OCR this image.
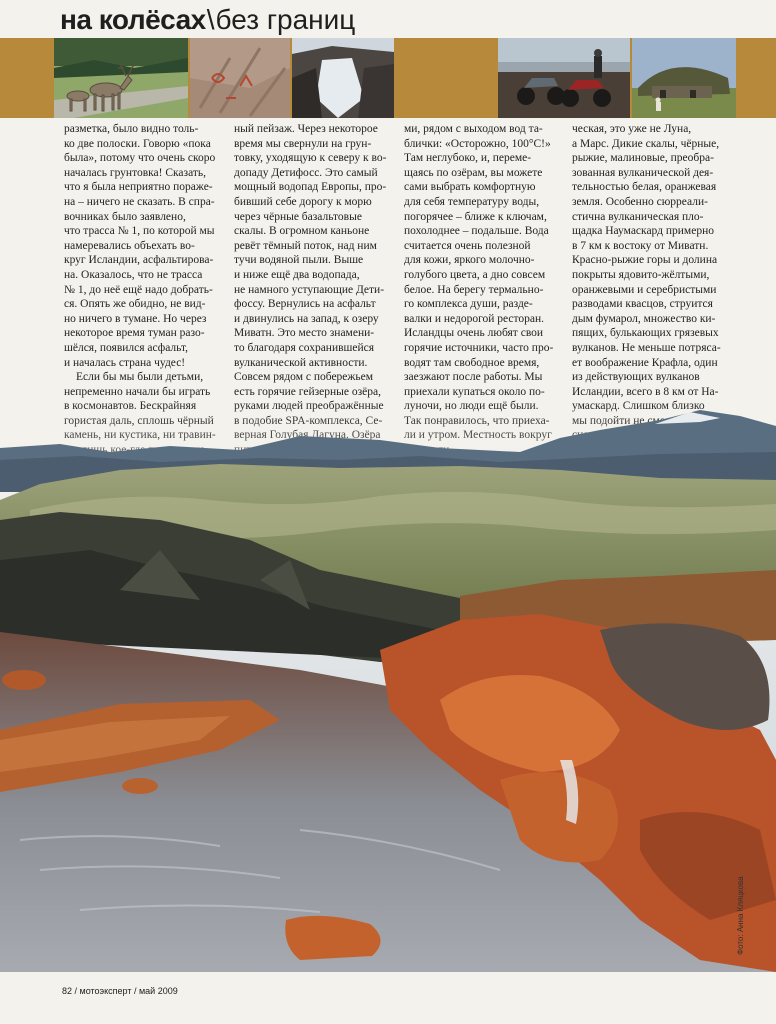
на колёсах \ без границ

разметка, было видно толь-
ко две полоски. Говорю «пока
была», потому что очень скоро
началась грунтовка! Сказать,
что я была неприятно пораже-
на – ничего не сказать. В спра-
вочниках было заявлено,
что трасса № 1, по которой мы
намеревались объехать во-
круг Исландии, асфальтирова-
на. Оказалось, что не трасса
№ 1, до неё ещё надо добрать-
ся. Опять же обидно, не вид-
но ничего в тумане. Но через
некоторое время туман разо-
шёлся, появился асфальт,
и началась страна чудес!

Если бы мы были детьми,
непременно начали бы играть

ный пейзаж. Через некоторое
время мы свернули на грун-
товку, уходящую к северу к во-
допаду Детифосс. Это самый
мощный водопад Европы, про-
бивший себе дорогу к морю
через чёрные базальтовые
скалы. В огромном каньоне
ревёт тёмный поток, над ним
тучи водяной пыли. Выше
и ниже ещё два водопада,
не намного уступающие Дети-
фоссу. Вернулись на асфальт
и двинулись на запад, к озеру
Миватн. Это место знамени-
то благодаря сохранившейся
вулканической активности.
Совсем рядом с побережьем
есть горячие гейзерные озёра,

ми, рядом с выходом вод та-
блички: «Осторожно, 100°С!»
Там неглубоко, и, переме-
щаясь по озёрам, вы можете
сами выбрать комфортную
для себя температуру воды,
погорячее – ближе к ключам,
похолоднее – подальше. Вода
считается очень полезной
для кожи, яркого молочно-
голубого цвета, а дно совсем
белое. На берегу термально-
го комплекса души, разде-
валки и недорогой ресторан.
Исландцы очень любят свои
горячие источники, часто про-
водят там свободное время,
заезжают после работы. Мы
приехали купаться около по-

ческая, это уже не Луна,
а Марс. Дикие скалы, чёрные,
рыжие, малиновые, преобра-
зованная вулканической дея-
тельностью белая, оранжевая
земля. Особенно сюрреали-
стична вулканическая пло-
щадка Наумаскард примерно
в 7 км к востоку от Миватн.
Красно-рыжие горы и долина
покрыты ядовито-жёлтыми,
оранжевыми и серебристыми
разводами квасцов, струится
дым фумарол, множество ки-
пящих, булькающих грязевых
вулканов. Не меньше потряса-
ет воображение Крафла, один
из действующих вулканов
Исландии, всего в 8 км от На-

Фото: Анна Кляцкова
82 / мотоэксперт / май 2009
